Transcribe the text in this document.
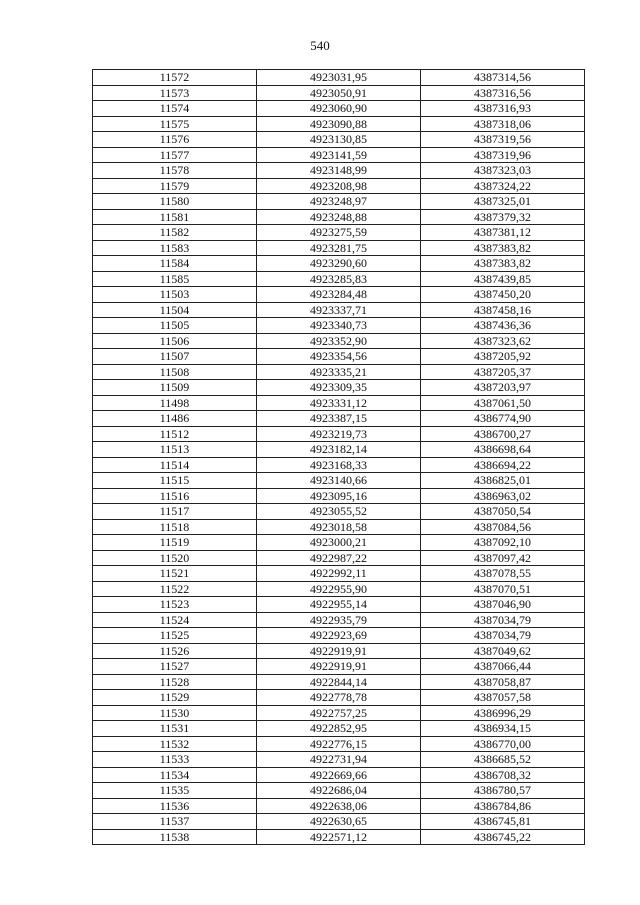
540
11572	4923031,95	4387314,56
11573	4923050,91	4387316,56
11574	4923060,90	4387316,93
11575	4923090,88	4387318,06
11576	4923130,85	4387319,56
11577	4923141,59	4387319,96
11578	4923148,99	4387323,03
11579	4923208,98	4387324,22
11580	4923248,97	4387325,01
11581	4923248,88	4387379,32
11582	4923275,59	4387381,12
11583	4923281,75	4387383,82
11584	4923290,60	4387383,82
11585	4923285,83	4387439,85
11503	4923284,48	4387450,20
11504	4923337,71	4387458,16
11505	4923340,73	4387436,36
11506	4923352,90	4387323,62
11507	4923354,56	4387205,92
11508	4923335,21	4387205,37
11509	4923309,35	4387203,97
11498	4923331,12	4387061,50
11486	4923387,15	4386774,90
11512	4923219,73	4386700,27
11513	4923182,14	4386698,64
11514	4923168,33	4386694,22
11515	4923140,66	4386825,01
11516	4923095,16	4386963,02
11517	4923055,52	4387050,54
11518	4923018,58	4387084,56
11519	4923000,21	4387092,10
11520	4922987,22	4387097,42
11521	4922992,11	4387078,55
11522	4922955,90	4387070,51
11523	4922955,14	4387046,90
11524	4922935,79	4387034,79
11525	4922923,69	4387034,79
11526	4922919,91	4387049,62
11527	4922919,91	4387066,44
11528	4922844,14	4387058,87
11529	4922778,78	4387057,58
11530	4922757,25	4386996,29
11531	4922852,95	4386934,15
11532	4922776,15	4386770,00
11533	4922731,94	4386685,52
11534	4922669,66	4386708,32
11535	4922686,04	4386780,57
11536	4922638,06	4386784,86
11537	4922630,65	4386745,81
11538	4922571,12	4386745,22
